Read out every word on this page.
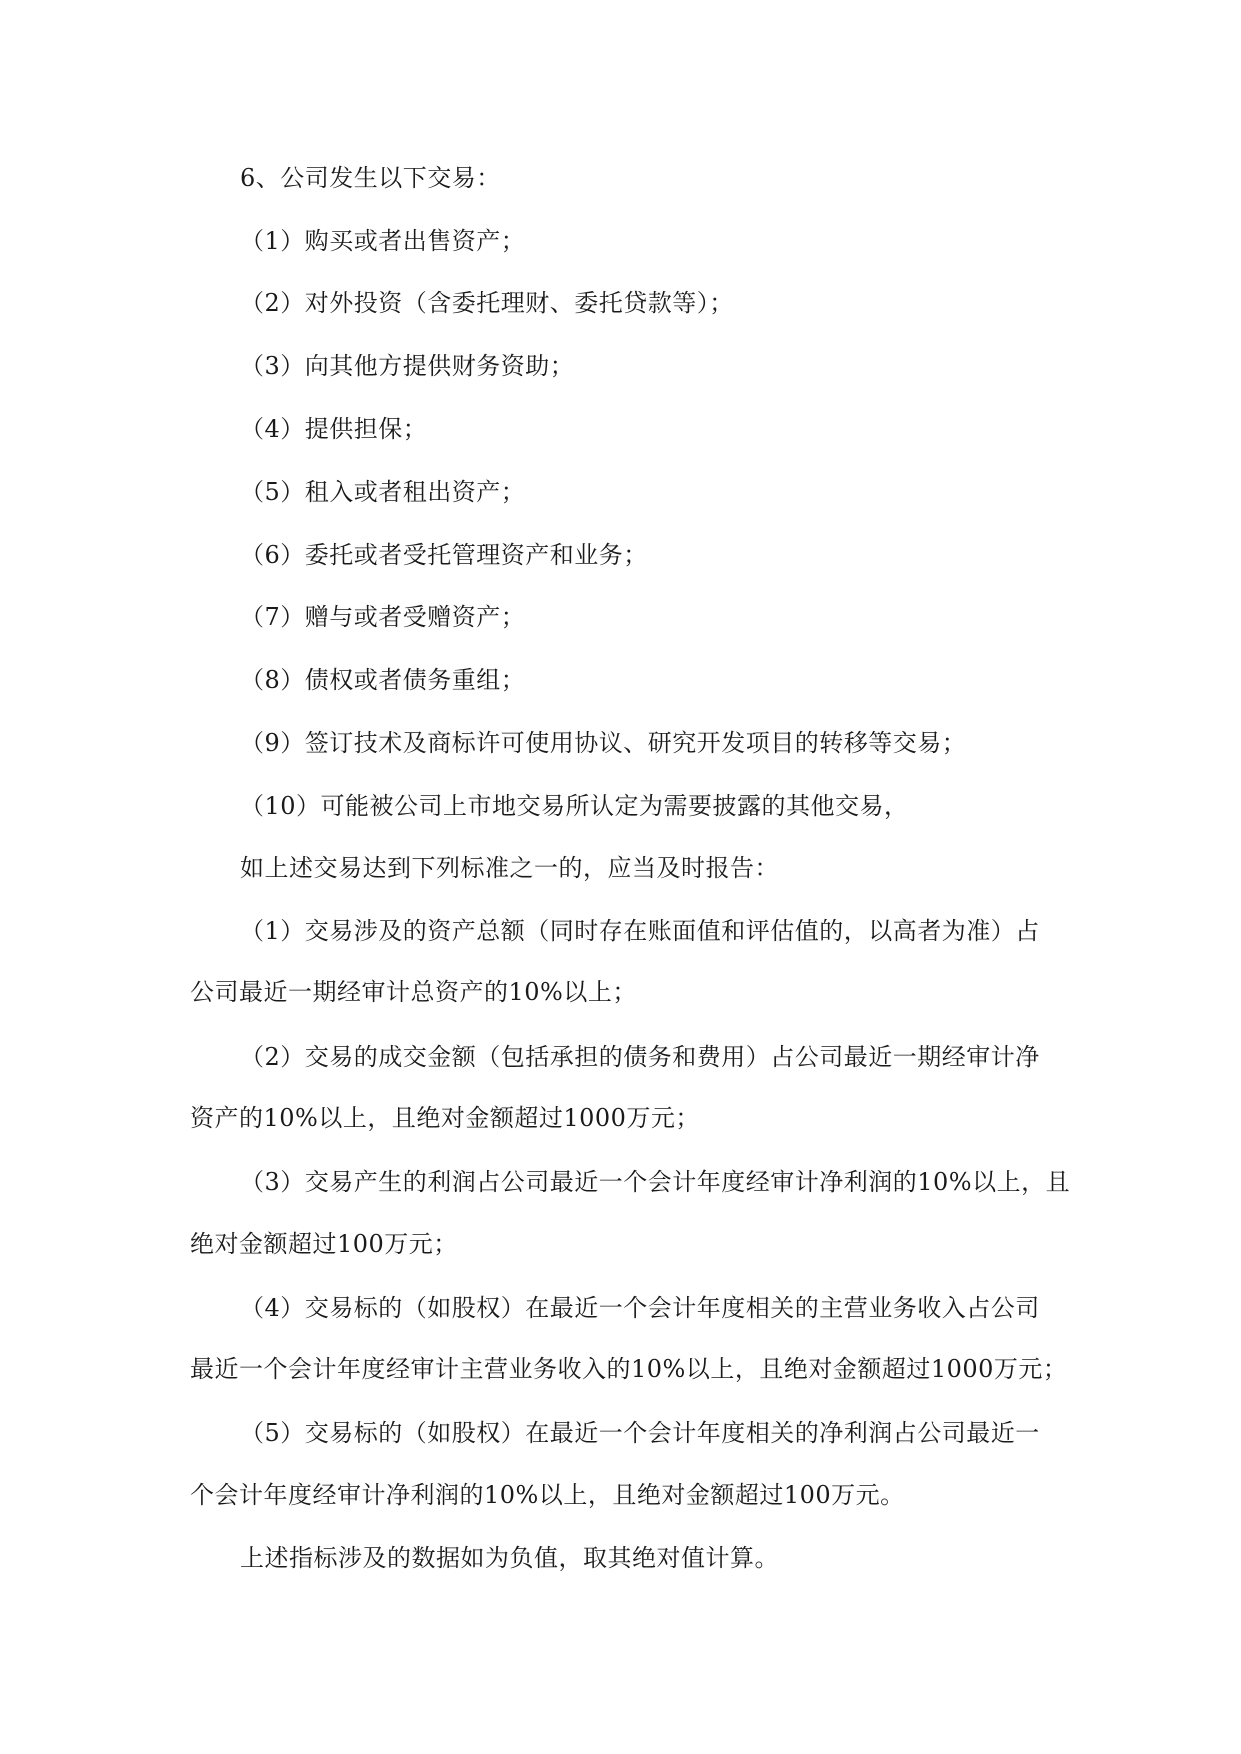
6、公司发生以下交易：
（1）购买或者出售资产；
（2）对外投资（含委托理财、委托贷款等）；
（3）向其他方提供财务资助；
（4）提供担保；
（5）租入或者租出资产；
（6）委托或者受托管理资产和业务；
（7）赠与或者受赠资产；
（8）债权或者债务重组；
（9）签订技术及商标许可使用协议、研究开发项目的转移等交易；
（10）可能被公司上市地交易所认定为需要披露的其他交易，
如上述交易达到下列标准之一的，应当及时报告：
（1）交易涉及的资产总额（同时存在账面值和评估值的，以高者为准）占
公司最近一期经审计总资产的10%以上；
（2）交易的成交金额（包括承担的债务和费用）占公司最近一期经审计净
资产的10%以上，且绝对金额超过1000万元；
（3）交易产生的利润占公司最近一个会计年度经审计净利润的10%以上，且
绝对金额超过100万元；
（4）交易标的（如股权）在最近一个会计年度相关的主营业务收入占公司
最近一个会计年度经审计主营业务收入的10%以上，且绝对金额超过1000万元；
（5）交易标的（如股权）在最近一个会计年度相关的净利润占公司最近一
个会计年度经审计净利润的10%以上，且绝对金额超过100万元。
上述指标涉及的数据如为负值，取其绝对值计算。
